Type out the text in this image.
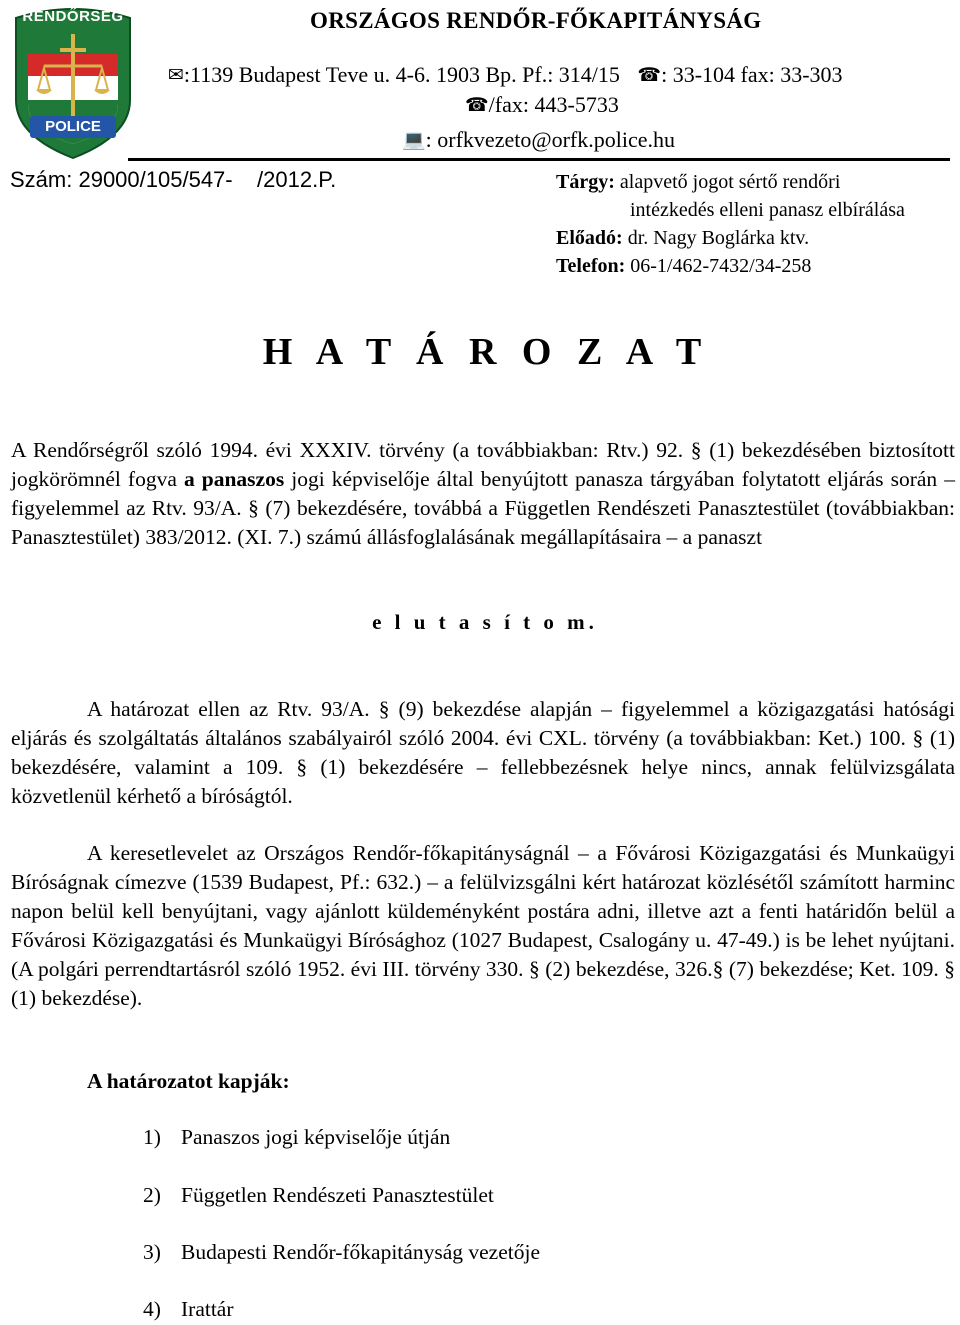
RENDŐRSÉG
POLICE
ORSZÁGOS RENDŐR-FŐKAPITÁNYSÁG
✉:1139 Budapest Teve u. 4-6. 1903 Bp. Pf.: 314/15 ☎: 33-104 fax: 33-303
☎/fax: 443-5733
💻: orfkvezeto@orfk.police.hu
Szám: 29000/105/547-    /2012.P.	Tárgy: alapvető jogot sértő rendőri
intézkedés elleni panasz elbírálása
Előadó: dr. Nagy Boglárka ktv.
Telefon: 06-1/462-7432/34-258
H A T Á R O Z A T
A Rendőrségről szóló 1994. évi XXXIV. törvény (a továbbiakban: Rtv.) 92. § (1) bekezdésében biztosított jogkörömnél fogva a panaszos jogi képviselője által benyújtott panasza tárgyában folytatott eljárás során – figyelemmel az Rtv. 93/A. § (7) bekezdésére, továbbá a Független Rendészeti Panasztestület (továbbiakban: Panasztestület) 383/2012. (XI. 7.) számú állásfoglalásának megállapításaira – a panaszt
e l u t a s í t o m.
A határozat ellen az Rtv. 93/A. § (9) bekezdése alapján – figyelemmel a közigazgatási hatósági eljárás és szolgáltatás általános szabályairól szóló 2004. évi CXL. törvény (a továbbiakban: Ket.) 100. § (1) bekezdésére, valamint a 109. § (1) bekezdésére – fellebbezésnek helye nincs, annak felülvizsgálata közvetlenül kérhető a bíróságtól.
A keresetlevelet az Országos Rendőr-főkapitányságnál – a Fővárosi Közigazgatási és Munkaügyi Bíróságnak címezve (1539 Budapest, Pf.: 632.) – a felülvizsgálni kért határozat közlésétől számított harminc napon belül kell benyújtani, vagy ajánlott küldeményként postára adni, illetve azt a fenti határidőn belül a Fővárosi Közigazgatási és Munkaügyi Bírósághoz (1027 Budapest, Csalogány u. 47-49.) is be lehet nyújtani. (A polgári perrendtartásról szóló 1952. évi III. törvény 330. § (2) bekezdése, 326.§ (7) bekezdése; Ket. 109. § (1) bekezdése).
A határozatot kapják:
1) Panaszos jogi képviselője útján
2) Független Rendészeti Panasztestület
3) Budapesti Rendőr-főkapitányság vezetője
4) Irattár
